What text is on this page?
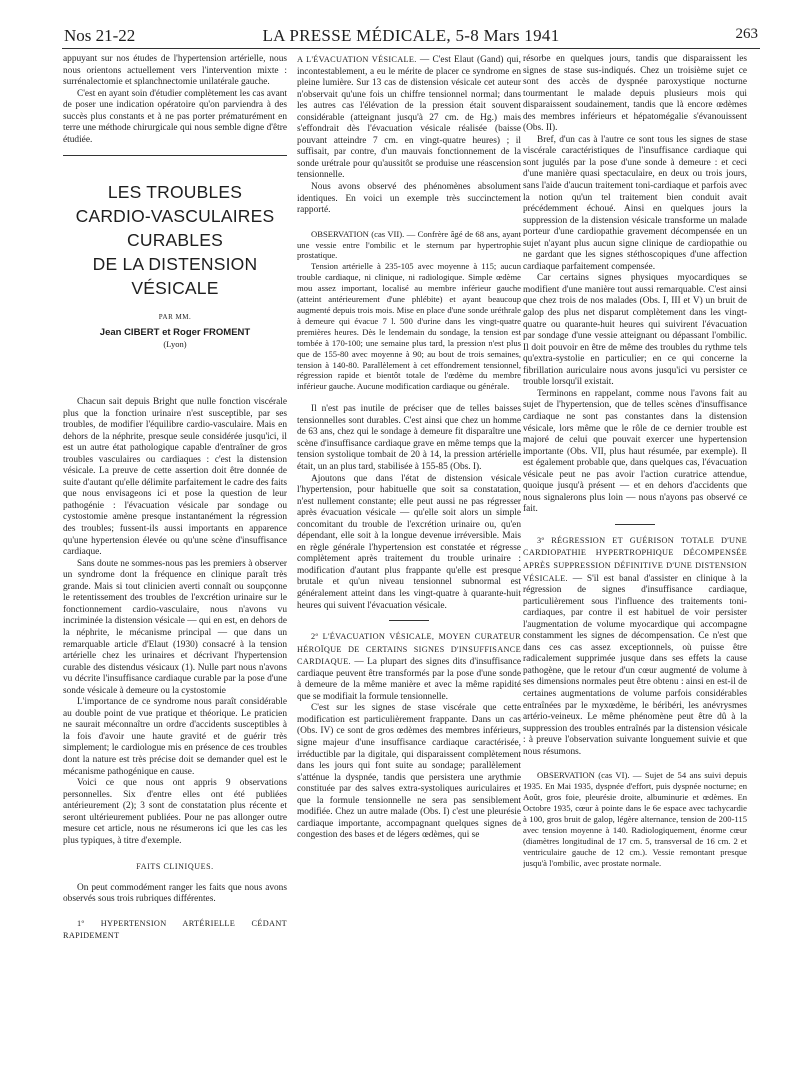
Nos 21-22	LA PRESSE MÉDICALE, 5-8 Mars 1941	263

appuyant sur nos études de l'hypertension artérielle, nous nous orientons actuellement vers l'intervention mixte : surrénalectomie et splanchnectomie unilatérale gauche.

C'est en ayant soin d'étudier complètement les cas avant de poser une indication opératoire qu'on parviendra à des succès plus constants et à ne pas porter prématurément en terre une méthode chirurgicale qui nous semble digne d'être étudiée.

LES TROUBLES
CARDIO-VASCULAIRES
CURABLES
DE LA DISTENSION VÉSICALE
PAR MM.
Jean CIBERT et Roger FROMENT
(Lyon)

Chacun sait depuis Bright que nulle fonction viscérale plus que la fonction urinaire n'est susceptible, par ses troubles, de modifier l'équilibre cardio-vasculaire. Mais en dehors de la néphrite, presque seule considérée jusqu'ici, il est un autre état pathologique capable d'entraîner de gros troubles vasculaires ou cardiaques : c'est la distension vésicale. La preuve de cette assertion doit être donnée de suite d'autant qu'elle délimite parfaitement le cadre des faits que nous envisageons ici et pose la question de leur pathogénie : l'évacuation vésicale par sondage ou cystostomie amène presque instantanément la régression des troubles; fussent-ils aussi importants en apparence qu'une hypertension élevée ou qu'une scène d'insuffisance cardiaque.

Sans doute ne sommes-nous pas les premiers à observer un syndrome dont la fréquence en clinique paraît très grande. Mais si tout clinicien averti connaît ou soupçonne le retentissement des troubles de l'excrétion urinaire sur le fonctionnement cardio-vasculaire, nous n'avons vu incriminée la distension vésicale — qui en est, en dehors de la néphrite, le mécanisme principal — que dans un remarquable article d'Elaut (1930) consacré à la tension artérielle chez les urinaires et décrivant l'hypertension curable des distendus vésicaux (1). Nulle part nous n'avons vu décrite l'insuffisance cardiaque curable par la pose d'une sonde vésicale à demeure ou la cystostomie

L'importance de ce syndrome nous paraît considérable au double point de vue pratique et théorique. Le praticien ne saurait méconnaître un ordre d'accidents susceptibles à la fois d'avoir une haute gravité et de guérir très simplement; le cardiologue mis en présence de ces troubles dont la nature est très précise doit se demander quel est le mécanisme pathogénique en cause.

Voici ce que nous ont appris 9 observations personnelles. Six d'entre elles ont été publiées antérieurement (2); 3 sont de constatation plus récente et seront ultérieurement publiées. Pour ne pas allonger outre mesure cet article, nous ne résumerons ici que les cas les plus typiques, à titre d'exemple.

FAITS CLINIQUES.

On peut commodément ranger les faits que nous avons observés sous trois rubriques différentes.

1º HYPERTENSION ARTÉRIELLE CÉDANT RAPIDEMENT

A L'ÉVACUATION VÉSICALE. — C'est Elaut (Gand) qui, incontestablement, a eu le mérite de placer ce syndrome en pleine lumière. Sur 13 cas de distension vésicale cet auteur n'observait qu'une fois un chiffre tensionnel normal; dans les autres cas l'élévation de la pression était souvent considérable (atteignant jusqu'à 27 cm. de Hg.) mais s'effondrait dès l'évacuation vésicale réalisée (baisse pouvant atteindre 7 cm. en vingt-quatre heures) ; il suffisait, par contre, d'un mauvais fonctionnement de la sonde urétrale pour qu'aussitôt se produise une réascension tensionnelle.

Nous avons observé des phénomènes absolument identiques. En voici un exemple très succinctement rapporté.

OBSERVATION (cas VII). — Confrère âgé de 68 ans, ayant une vessie entre l'ombilic et le sternum par hypertrophie prostatique.

Tension artérielle à 235-105 avec moyenne à 115; aucun trouble cardiaque, ni clinique, ni radiologique. Simple œdème mou assez important, localisé au membre inférieur gauche (atteint antérieurement d'une phlébite) et ayant beaucoup augmenté depuis trois mois. Mise en place d'une sonde uréthrale à demeure qui évacue 7 l. 500 d'urine dans les vingt-quatre premières heures. Dès le lendemain du sondage, la tension est tombée à 170-100; une semaine plus tard, la pression n'est plus que de 155-80 avec moyenne à 90; au bout de trois semaines, tension à 140-80. Parallèlement à cet effondrement tensionnel, régression rapide et bientôt totale de l'œdème du membre inférieur gauche. Aucune modification cardiaque ou générale.

Il n'est pas inutile de préciser que de telles baisses tensionnelles sont durables. C'est ainsi que chez un homme de 63 ans, chez qui le sondage à demeure fit disparaître une scène d'insuffisance cardiaque grave en même temps que la tension systolique tombait de 20 à 14, la pression artérielle était, un an plus tard, stabilisée à 155-85 (Obs. I).

Ajoutons que dans l'état de distension vésicale l'hypertension, pour habituelle que soit sa constatation, n'est nullement constante; elle peut aussi ne pas régresser après évacuation vésicale — qu'elle soit alors un simple concomitant du trouble de l'excrétion urinaire ou, qu'en dépendant, elle soit à la longue devenue irréversible. Mais en règle générale l'hypertension est constatée et régresse complètement après traitement du trouble urinaire : modification d'autant plus frappante qu'elle est presque brutale et qu'un niveau tensionnel subnormal est généralement atteint dans les vingt-quatre à quarante-huit heures qui suivent l'évacuation vésicale.

2º L'ÉVACUATION VÉSICALE, MOYEN CURATEUR HÉROÏQUE DE CERTAINS SIGNES D'INSUFFISANCE CARDIAQUE. — La plupart des signes dits d'insuffisance cardiaque peuvent être transformés par la pose d'une sonde à demeure de la même manière et avec la même rapidité que se modifiait la formule tensionnelle.

C'est sur les signes de stase viscérale que cette modification est particulièrement frappante. Dans un cas (Obs. IV) ce sont de gros œdèmes des membres inférieurs, signe majeur d'une insuffisance cardiaque caractérisée, irréductible par la digitale, qui disparaissent complètement dans les jours qui font suite au sondage; parallèlement s'atténue la dyspnée, tandis que persistera une arythmie constituée par des salves extra-systoliques auriculaires et que la formule tensionnelle ne sera pas sensiblement modifiée. Chez un autre malade (Obs. I) c'est une pleurésie cardiaque importante, accompagnant quelques signes de congestion des bases et de légers œdèmes, qui se

résorbe en quelques jours, tandis que disparaissent les signes de stase sus-indiqués. Chez un troisième sujet ce sont des accès de dyspnée paroxystique nocturne tourmentant le malade depuis plusieurs mois qui disparaissent soudainement, tandis que là encore œdèmes des membres inférieurs et hépatomégalie s'évanouissent (Obs. II).

Bref, d'un cas à l'autre ce sont tous les signes de stase viscérale caractéristiques de l'insuffisance cardiaque qui sont jugulés par la pose d'une sonde à demeure : et ceci d'une manière quasi spectaculaire, en deux ou trois jours, sans l'aide d'aucun traitement toni-cardiaque et parfois avec la notion qu'un tel traitement bien conduit avait précédemment échoué. Ainsi en quelques jours la suppression de la distension vésicale transforme un malade porteur d'une cardiopathie gravement décompensée en un sujet n'ayant plus aucun signe clinique de cardiopathie ou ne gardant que les signes stéthoscopiques d'une affection cardiaque parfaitement compensée.

Car certains signes physiques myocardiques se modifient d'une manière tout aussi remarquable. C'est ainsi que chez trois de nos malades (Obs. I, III et V) un bruit de galop des plus net disparut complètement dans les vingt-quatre ou quarante-huit heures qui suivirent l'évacuation par sondage d'une vessie atteignant ou dépassant l'ombilic. Il doit pouvoir en être de même des troubles du rythme tels qu'extra-systolie en particulier; en ce qui concerne la fibrillation auriculaire nous avons jusqu'ici vu persister ce trouble lorsqu'il existait.

Terminons en rappelant, comme nous l'avons fait au sujet de l'hypertension, que de telles scènes d'insuffisance cardiaque ne sont pas constantes dans la distension vésicale, lors même que le rôle de ce dernier trouble est majoré de celui que pouvait exercer une hypertension importante (Obs. VII, plus haut résumée, par exemple). Il est également probable que, dans quelques cas, l'évacuation vésicale peut ne pas avoir l'action curatrice attendue, quoique jusqu'à présent — et en dehors d'accidents que nous signalerons plus loin — nous n'ayons pas observé ce fait.

3º RÉGRESSION ET GUÉRISON TOTALE D'UNE CARDIOPATHIE HYPERTROPHIQUE DÉCOMPENSÉE APRÈS SUPPRESSION DÉFINITIVE D'UNE DISTENSION VÉSICALE. — S'il est banal d'assister en clinique à la régression de signes d'insuffisance cardiaque, particulièrement sous l'influence des traitements toni-cardiaques, par contre il est habituel de voir persister l'augmentation de volume myocardique qui accompagne constamment les signes de décompensation. Ce n'est que dans ces cas assez exceptionnels, où puisse être radicalement supprimée jusque dans ses effets la cause pathogène, que le retour d'un cœur augmenté de volume à ses dimensions normales peut être obtenu : ainsi en est-il de certaines augmentations de volume parfois considérables entraînées par le myxœdème, le béribéri, les anévrysmes artério-veineux. Le même phénomène peut être dû à la suppression des troubles entraînés par la distension vésicale : à preuve l'observation suivante longuement suivie et que nous résumons.

OBSERVATION (cas VI). — Sujet de 54 ans suivi depuis 1935. En Mai 1935, dyspnée d'effort, puis dyspnée nocturne; en Août, gros foie, pleurésie droite, albuminurie et œdèmes. En Octobre 1935, cœur à pointe dans le 6e espace avec tachycardie à 100, gros bruit de galop, légère alternance, tension de 200-115 avec tension moyenne à 140. Radiologiquement, énorme cœur (diamètres longitudinal de 17 cm. 5, transversal de 16 cm. 2 et ventriculaire gauche de 12 cm.). Vessie remontant presque jusqu'à l'ombilic, avec prostate normale.
